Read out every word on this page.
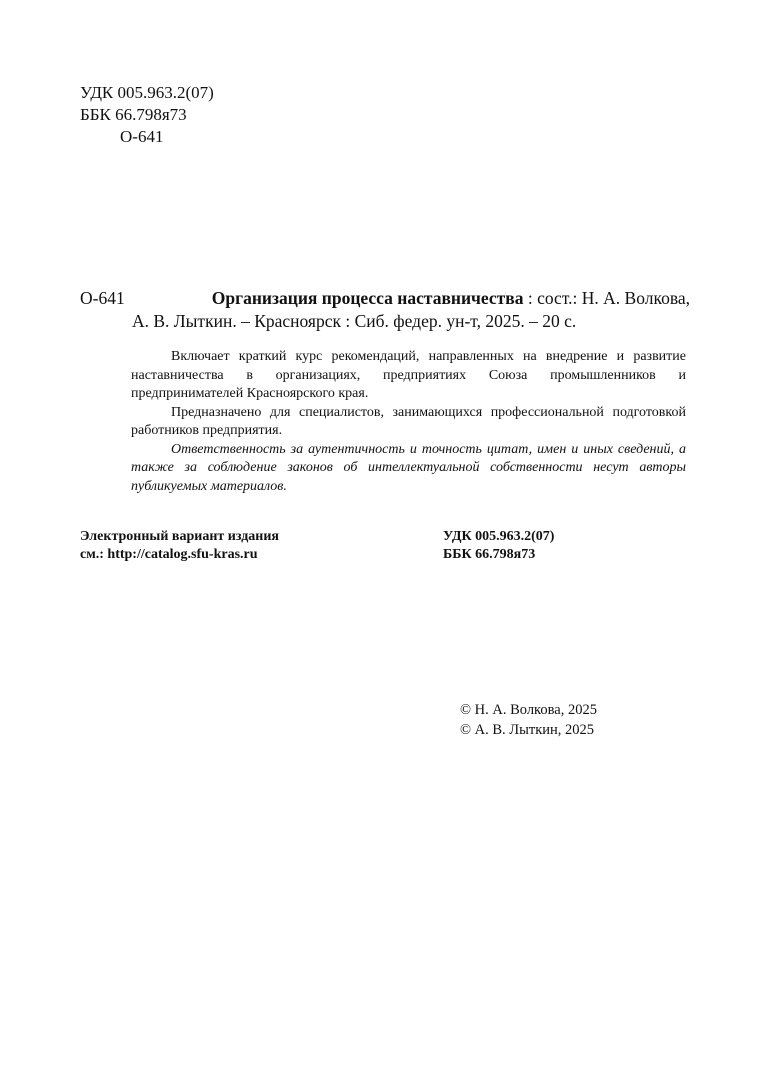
УДК 005.963.2(07)
ББК 66.798я73
О-641
О-641	Организация процесса наставничества : сост.: Н. А. Волкова,
А. В. Лыткин. – Красноярск : Сиб. федер. ун-т, 2025. – 20 с.

Включает краткий курс рекомендаций, направленных на внедрение и развитие наставничества в организациях, предприятиях Союза промышленников и предпринимателей Красноярского края.

Предназначено для специалистов, занимающихся профессиональной подготовкой работников предприятия.

Ответственность за аутентичность и точность цитат, имен и иных сведений, а также за соблюдение законов об интеллектуальной собственности несут авторы публикуемых материалов.

Электронный вариант издания
см.: http://catalog.sfu-kras.ru
УДК 005.963.2(07)
ББК 66.798я73
© Н. А. Волкова, 2025
© А. В. Лыткин, 2025
